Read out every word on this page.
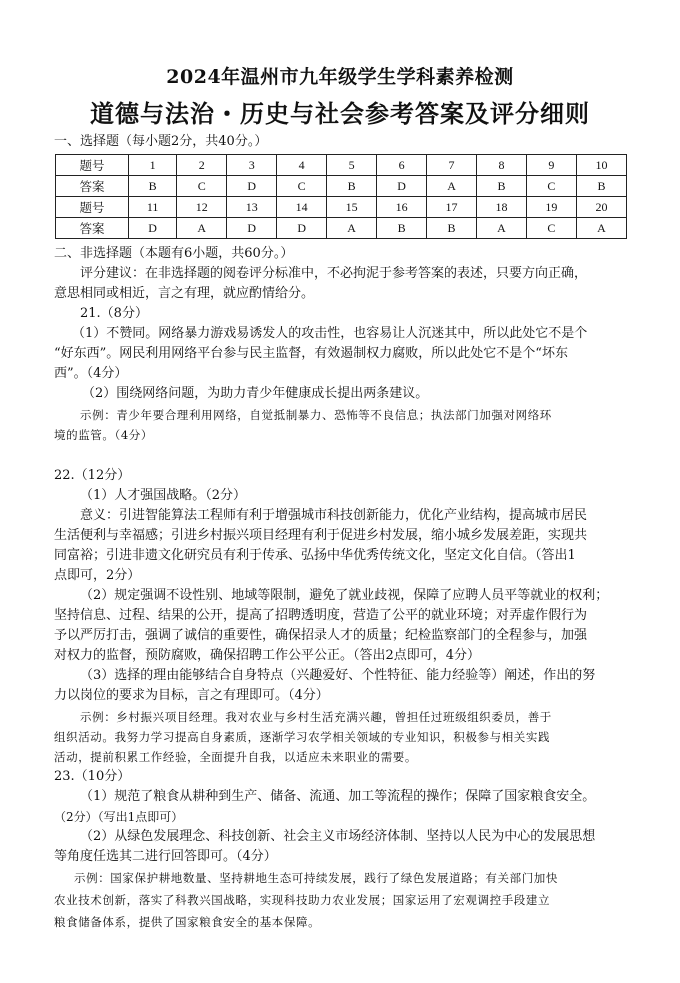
2024年温州市九年级学生学科素养检测
道德与法治・历史与社会参考答案及评分细则
一、选择题（每小题2分，共40分。）
题号	1	2	3	4	5	6	7	8	9	10
答案	B	C	D	C	B	D	A	B	C	B
题号	11	12	13	14	15	16	17	18	19	20
答案	D	A	D	D	A	B	B	A	C	A
二、非选择题（本题有6小题，共60分。）
评分建议：在非选择题的阅卷评分标准中，不必拘泥于参考答案的表述，只要方向正确，
意思相同或相近，言之有理，就应酌情给分。
21.（8分）
（1）不赞同。网络暴力游戏易诱发人的攻击性，也容易让人沉迷其中，所以此处它不是个
“好东西”。网民利用网络平台参与民主监督，有效遏制权力腐败，所以此处它不是个“坏东
西”。（4分）
（2）围绕网络问题，为助力青少年健康成长提出两条建议。
示例：青少年要合理利用网络，自觉抵制暴力、恐怖等不良信息；执法部门加强对网络环
境的监管。（4分）
22.（12分）
（1）人才强国战略。（2分）
意义：引进智能算法工程师有利于增强城市科技创新能力，优化产业结构，提高城市居民
生活便利与幸福感；引进乡村振兴项目经理有利于促进乡村发展，缩小城乡发展差距，实现共
同富裕；引进非遗文化研究员有利于传承、弘扬中华优秀传统文化，坚定文化自信。（答出1
点即可，2分）
（2）规定强调不设性别、地域等限制，避免了就业歧视，保障了应聘人员平等就业的权利；
坚持信息、过程、结果的公开，提高了招聘透明度，营造了公平的就业环境；对弄虚作假行为
予以严厉打击，强调了诚信的重要性，确保招录人才的质量；纪检监察部门的全程参与，加强
对权力的监督，预防腐败，确保招聘工作公平公正。（答出2点即可，4分）
（3）选择的理由能够结合自身特点（兴趣爱好、个性特征、能力经验等）阐述，作出的努
力以岗位的要求为目标，言之有理即可。（4分）
示例：乡村振兴项目经理。我对农业与乡村生活充满兴趣，曾担任过班级组织委员，善于
组织活动。我努力学习提高自身素质，逐渐学习农学相关领域的专业知识，积极参与相关实践
活动，提前积累工作经验，全面提升自我，以适应未来职业的需要。
23.（10分）
（1）规范了粮食从耕种到生产、储备、流通、加工等流程的操作；保障了国家粮食安全。
（2分）（写出1点即可）
（2）从绿色发展理念、科技创新、社会主义市场经济体制、坚持以人民为中心的发展思想
等角度任选其二进行回答即可。（4分）
示例：国家保护耕地数量、坚持耕地生态可持续发展，践行了绿色发展道路；有关部门加快
农业技术创新，落实了科教兴国战略，实现科技助力农业发展；国家运用了宏观调控手段建立
粮食储备体系，提供了国家粮食安全的基本保障。
